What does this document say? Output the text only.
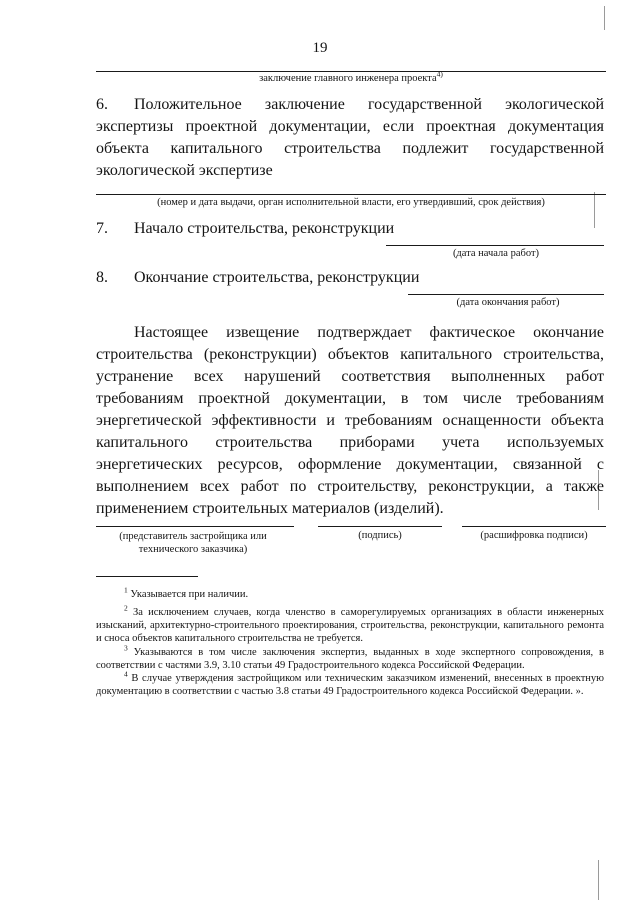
19
заключение главного инженера проекта$^{4)}$
6.	Положительное заключение государственной экологической экспертизы проектной документации, если проектная документация объекта капитального строительства подлежит государственной экологической экспертизе
(номер и дата выдачи, орган исполнительной власти, его утвердивший, срок действия)
7. Начало строительства, реконструкции
(дата начала работ)
8. Окончание строительства, реконструкции
(дата окончания работ)
Настоящее извещение подтверждает фактическое окончание строительства (реконструкции) объектов капитального строительства, устранение всех нарушений соответствия выполненных работ требованиям проектной документации, в том числе требованиям энергетической эффективности и требованиям оснащенности объекта капитального строительства приборами учета используемых энергетических ресурсов, оформление документации, связанной с выполнением всех работ по строительству, реконструкции, а также применением строительных материалов (изделий).
(представитель застройщика или технического заказчика)
(подпись)	(расшифровка подписи)
$^1$ Указывается при наличии.
$^2$ За исключением случаев, когда членство в саморегулируемых организациях в области инженерных изысканий, архитектурно-строительного проектирования, строительства, реконструкции, капитального ремонта и сноса объектов капитального строительства не требуется.
$^3$ Указываются в том числе заключения экспертиз, выданных в ходе экспертного сопровождения, в соответствии с частями 3.9, 3.10 статьи 49 Градостроительного кодекса Российской Федерации.
$^4$ В случае утверждения застройщиком или техническим заказчиком изменений, внесенных в проектную документацию в соответствии с частью 3.8 статьи 49 Градостроительного кодекса Российской Федерации. ».
